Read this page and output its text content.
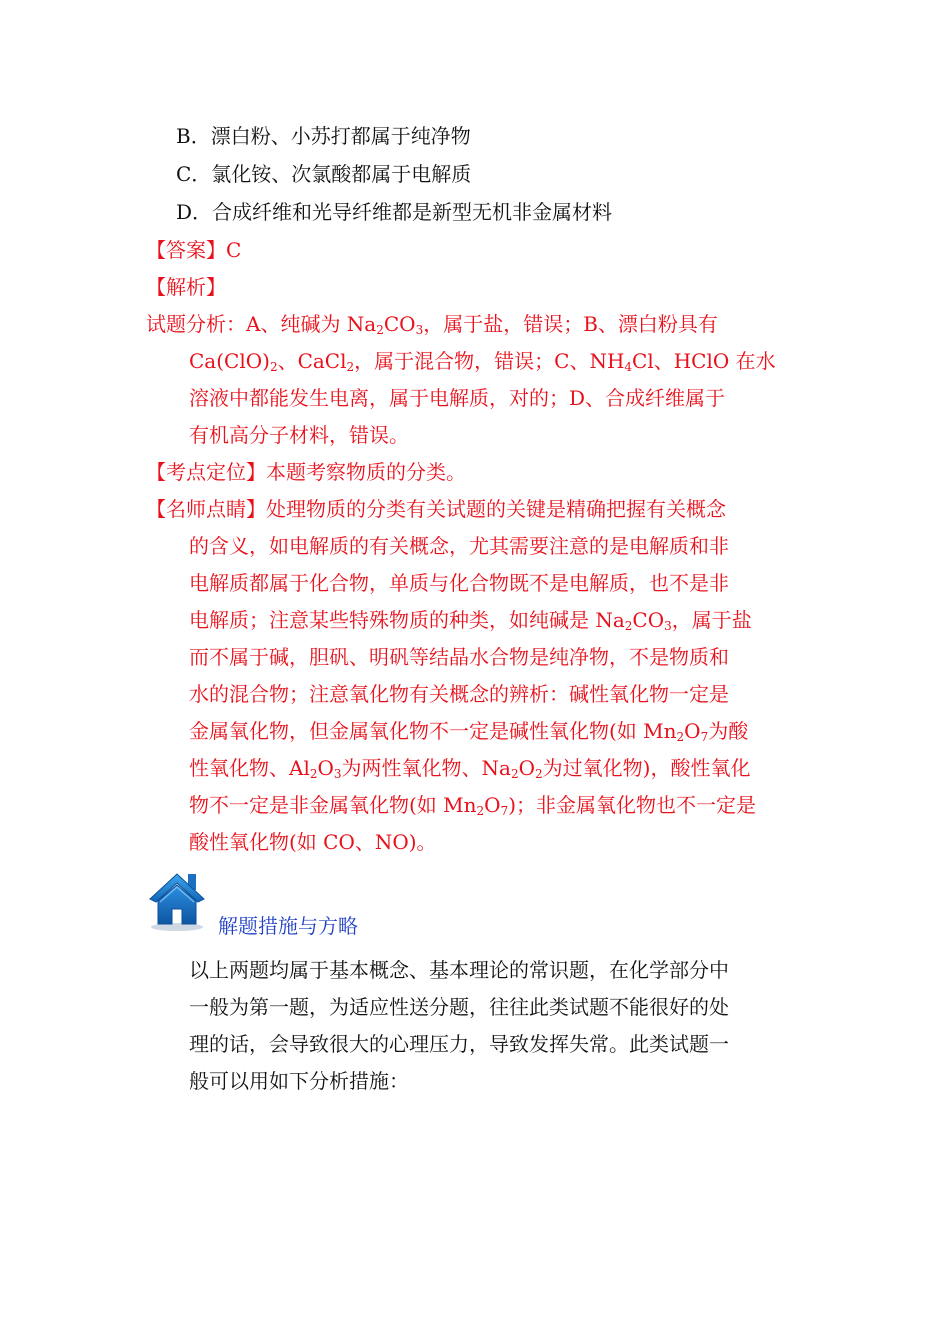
B．漂白粉、小苏打都属于纯净物
C．氯化铵、次氯酸都属于电解质
D．合成纤维和光导纤维都是新型无机非金属材料
【答案】C
【解析】
试题分析：A、纯碱为 $Na_2CO_3$，属于盐，错误；B、漂白粉具有
$Ca(ClO)_2$、CaCl$_2$，属于混合物，错误；C、$NH_4Cl$、HClO 在水
溶液中都能发生电离，属于电解质，对的；D、合成纤维属于
有机高分子材料，错误。
【考点定位】本题考察物质的分类。
【名师点睛】处理物质的分类有关试题的关键是精确把握有关概念
的含义，如电解质的有关概念，尤其需要注意的是电解质和非
电解质都属于化合物，单质与化合物既不是电解质，也不是非
电解质；注意某些特殊物质的种类，如纯碱是 $Na_2CO_3$，属于盐
而不属于碱，胆矾、明矾等结晶水合物是纯净物，不是物质和
水的混合物；注意氧化物有关概念的辨析：碱性氧化物一定是
金属氧化物，但金属氧化物不一定是碱性氧化物(如 $Mn_2O_7$为酸
性氧化物、$Al_2O_3$为两性氧化物、$Na_2O_2$为过氧化物)，酸性氧化
物不一定是非金属氧化物(如 $Mn_2O_7$)；非金属氧化物也不一定是
酸性氧化物(如 CO、NO)。
解题措施与方略
以上两题均属于基本概念、基本理论的常识题，在化学部分中
一般为第一题，为适应性送分题，往往此类试题不能很好的处
理的话，会导致很大的心理压力，导致发挥失常。此类试题一
般可以用如下分析措施：
